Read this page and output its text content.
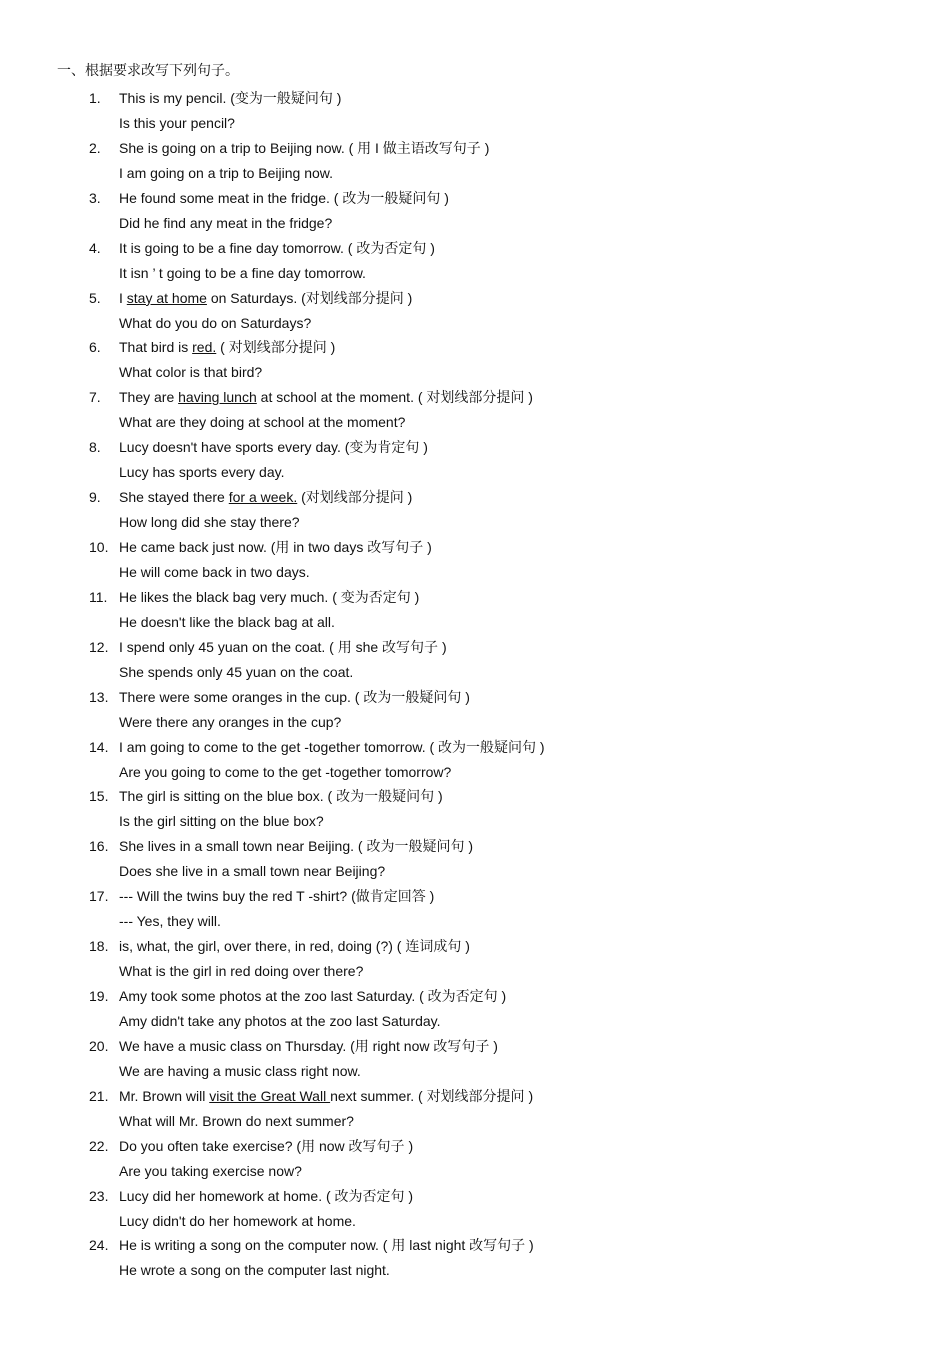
一、根据要求改写下列句子。
1.	This is my pencil. (变为一般疑问句 )
Is this your pencil?
2.	She is going on a trip to Beijing now. ( 用 I 做主语改写句子 )
I am going on a trip to Beijing now.
3.	He found some meat in the fridge. ( 改为一般疑问句 )
Did he find any meat in the fridge?
4.	It is going to be a fine day tomorrow. ( 改为否定句 )
It isn ’ t going to be a fine day tomorrow.
5.	I stay at home on Saturdays. (对划线部分提问 )
What do you do on Saturdays?
6.	That bird is red. ( 对划线部分提问 )
What color is that bird?
7.	They are having lunch at school at the moment. ( 对划线部分提问 )
What are they doing at school at the moment?
8.	Lucy doesn't have sports every day. (变为肯定句 )
Lucy has sports every day.
9.	She stayed there for a week. (对划线部分提问 )
How long did she stay there?
10. He came back just now. (用 in two days 改写句子 )
He will come back in two days.
11. He likes the black bag very much. ( 变为否定句 )
He doesn't like the black bag at all.
12. I spend only 45 yuan on the coat. ( 用 she 改写句子 )
She spends only 45 yuan on the coat.
13. There were some oranges in the cup. ( 改为一般疑问句 )
Were there any oranges in the cup?
14. I am going to come to the get -together tomorrow. ( 改为一般疑问句 )
Are you going to come to the get -together tomorrow?
15. The girl is sitting on the blue box. ( 改为一般疑问句 )
Is the girl sitting on the blue box?
16. She lives in a small town near Beijing. ( 改为一般疑问句 )
Does she live in a small town near Beijing?
17. --- Will the twins buy the red T -shirt? (做肯定回答 )
--- Yes, they will.
18. is, what, the girl, over there, in red, doing (?) ( 连词成句 )
What is the girl in red doing over there?
19. Amy took some photos at the zoo last Saturday. ( 改为否定句 )
Amy didn't take any photos at the zoo last Saturday.
20. We have a music class on Thursday. (用 right now 改写句子 )
We are having a music class right now.
21. Mr. Brown will visit the Great Wall next summer. ( 对划线部分提问 )
What will Mr. Brown do next summer?
22. Do you often take exercise? (用 now 改写句子 )
Are you taking exercise now?
23. Lucy did her homework at home. ( 改为否定句 )
Lucy didn't do her homework at home.
24. He is writing a song on the computer now. ( 用 last night 改写句子 )
He wrote a song on the computer last night.
